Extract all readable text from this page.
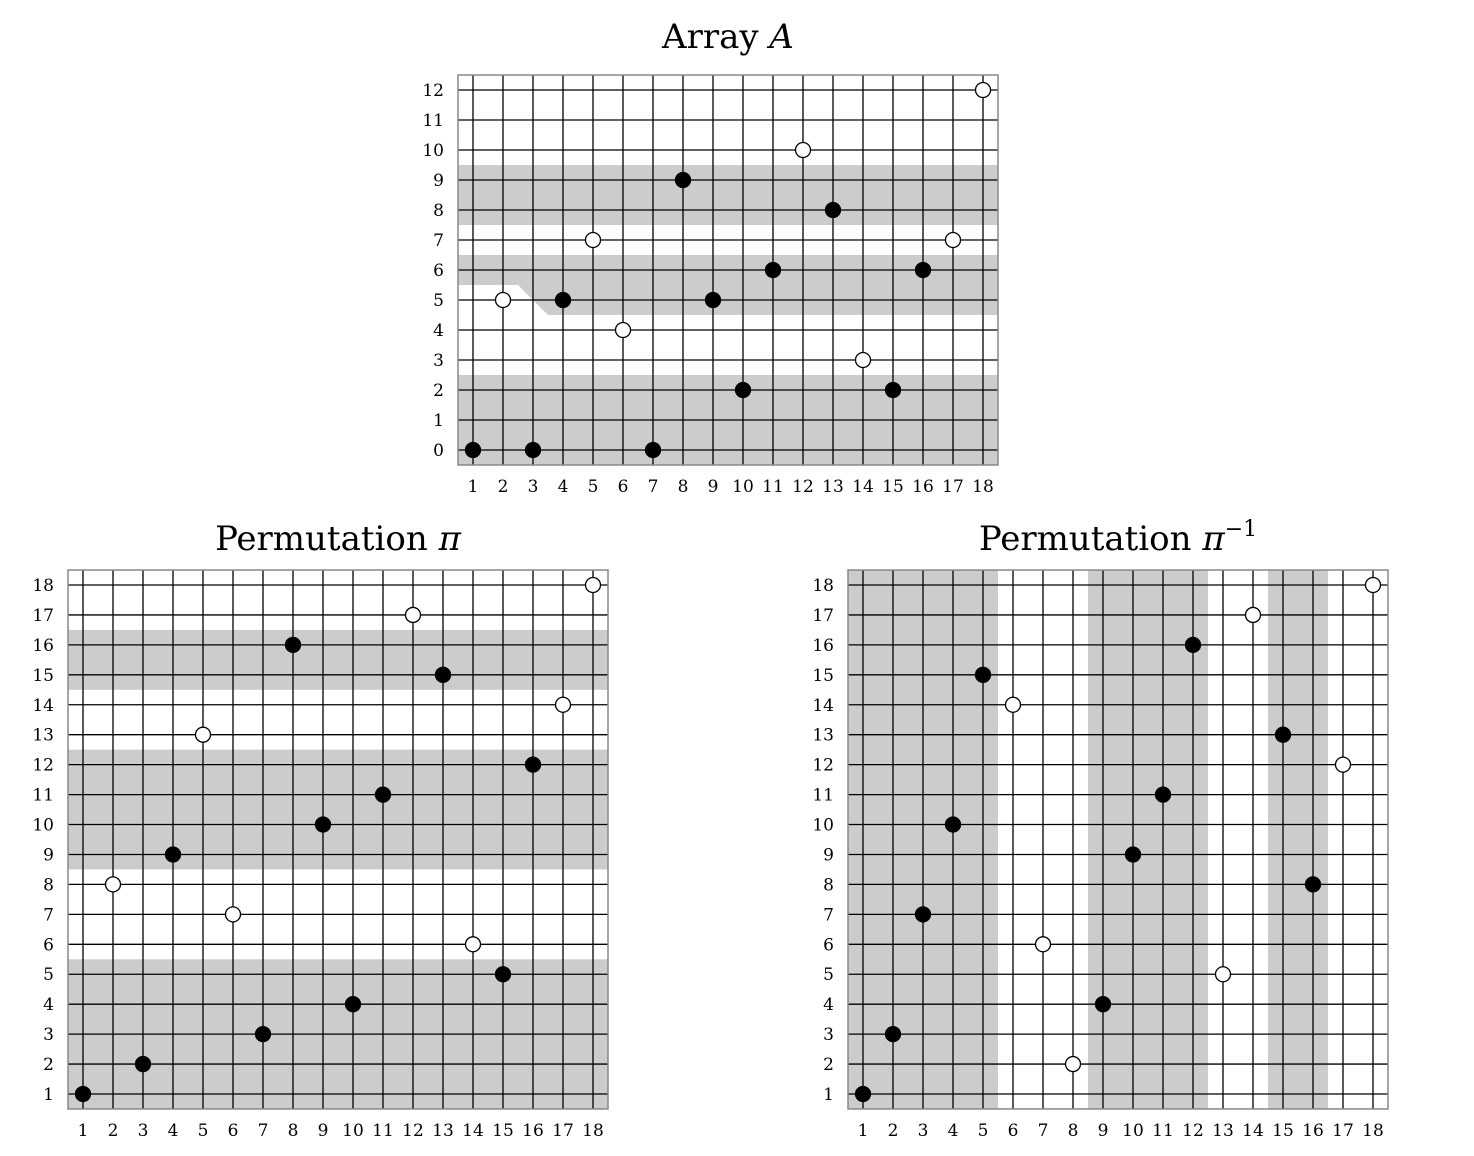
Array A
1 2 3 4 5 6 7 8 9 10 11 12 13 14 15 16 17 18
0
1
2
3
4
5
6
7
8
9
10
11
12
Permutation π
1 2 3 4 5 6 7 8 9 10 11 12 13 14 15 16 17 18
1
2
3
4
5
6
7
8
9
10
11
12
13
14
15
16
17
18
Permutation $\pi^{-1}$
1 2 3 4 5 6 7 8 9 10 11 12 13 14 15 16 17 18
1
2
3
4
5
6
7
8
9
10
11
12
13
14
15
16
17
18
